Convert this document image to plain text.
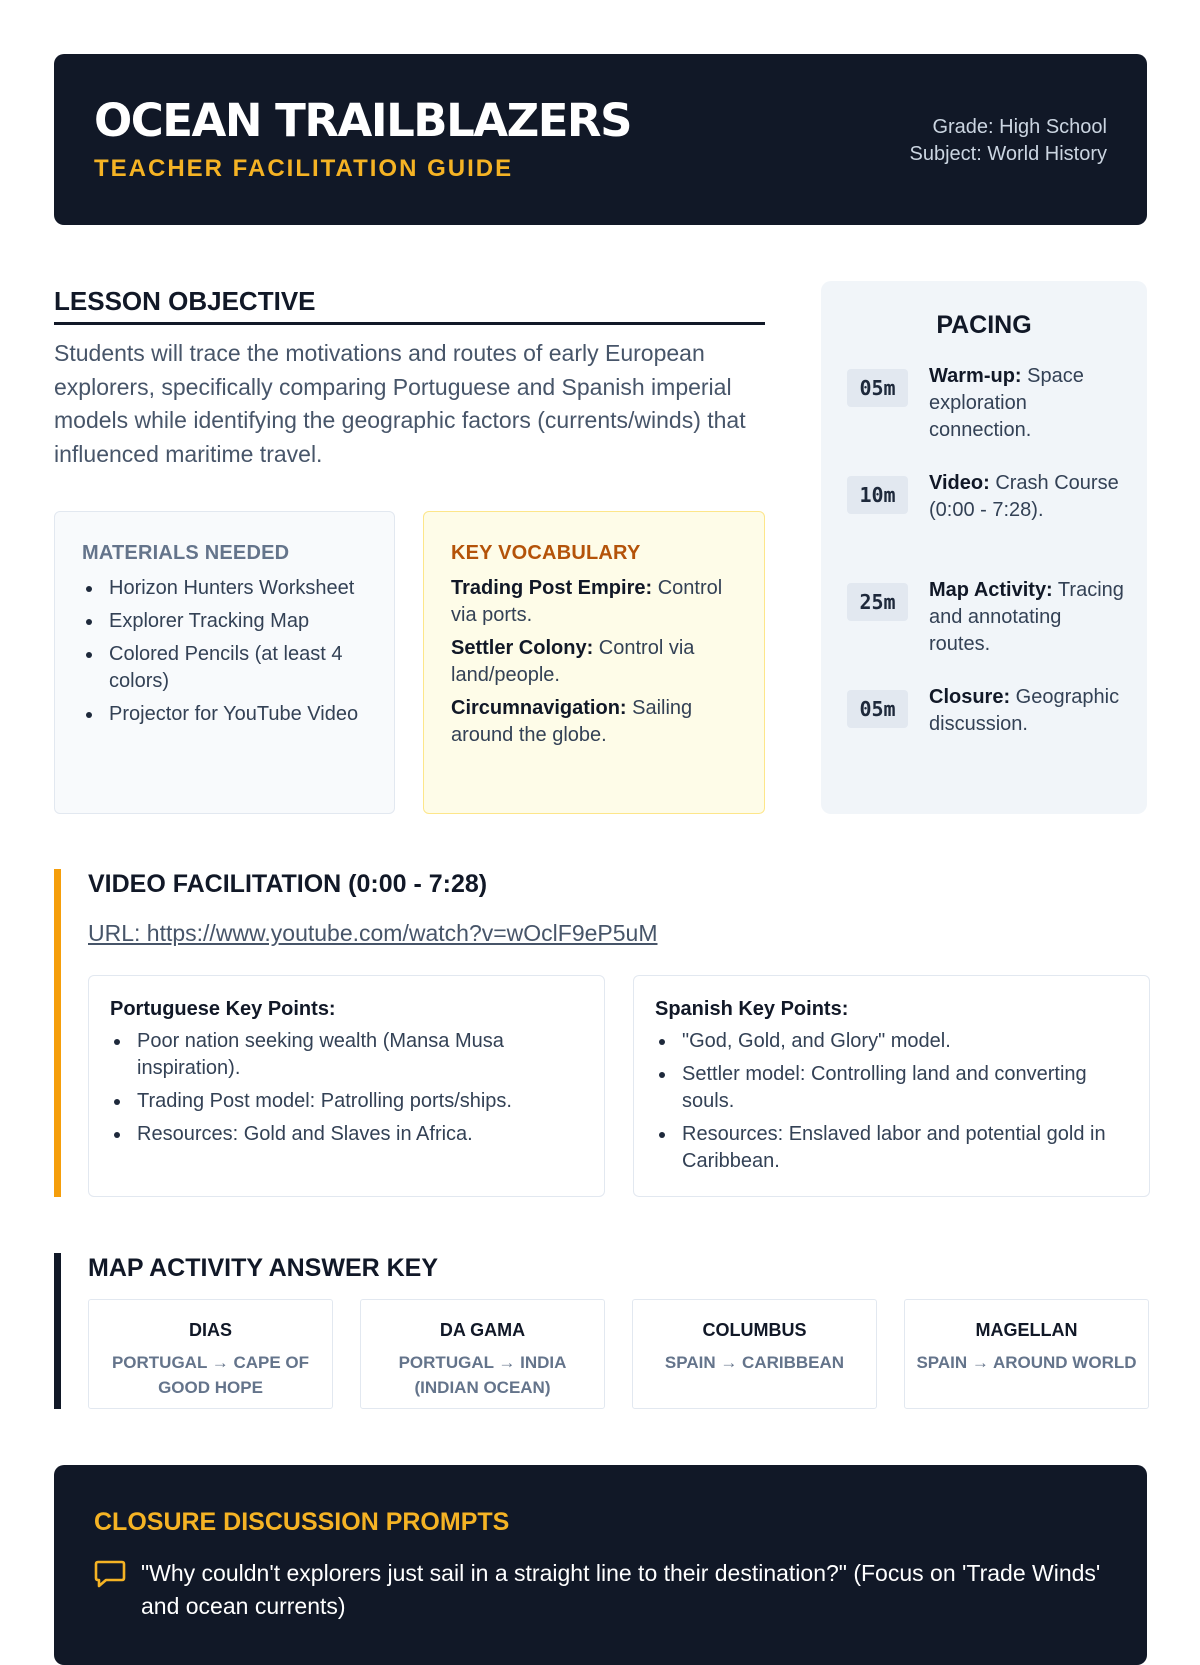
OCEAN TRAILBLAZERS
TEACHER FACILITATION GUIDE
Grade: High School
Subject: World History
LESSON OBJECTIVE
Students will trace the motivations and routes of early European explorers, specifically comparing Portuguese and Spanish imperial models while identifying the geographic factors (currents/winds) that influenced maritime travel.
MATERIALS NEEDED
Horizon Hunters Worksheet
Explorer Tracking Map
Colored Pencils (at least 4 colors)
Projector for YouTube Video
KEY VOCABULARY
Trading Post Empire: Control via ports.
Settler Colony: Control via land/people.
Circumnavigation: Sailing around the globe.
PACING
05m	Warm-up: Space exploration connection.
10m	Video: Crash Course (0:00 - 7:28).
25m	Map Activity: Tracing and annotating routes.
05m	Closure: Geographic discussion.
VIDEO FACILITATION (0:00 - 7:28)
URL: https://www.youtube.com/watch?v=wOclF9eP5uM
Portuguese Key Points:
Poor nation seeking wealth (Mansa Musa inspiration).
Trading Post model: Patrolling ports/ships.
Resources: Gold and Slaves in Africa.
Spanish Key Points:
"God, Gold, and Glory" model.
Settler model: Controlling land and converting souls.
Resources: Enslaved labor and potential gold in Caribbean.
MAP ACTIVITY ANSWER KEY
DIAS
PORTUGAL → CAPE OF GOOD HOPE
DA GAMA
PORTUGAL → INDIA (INDIAN OCEAN)
COLUMBUS
SPAIN → CARIBBEAN
MAGELLAN
SPAIN → AROUND WORLD
CLOSURE DISCUSSION PROMPTS
"Why couldn't explorers just sail in a straight line to their destination?" (Focus on 'Trade Winds' and ocean currents)
